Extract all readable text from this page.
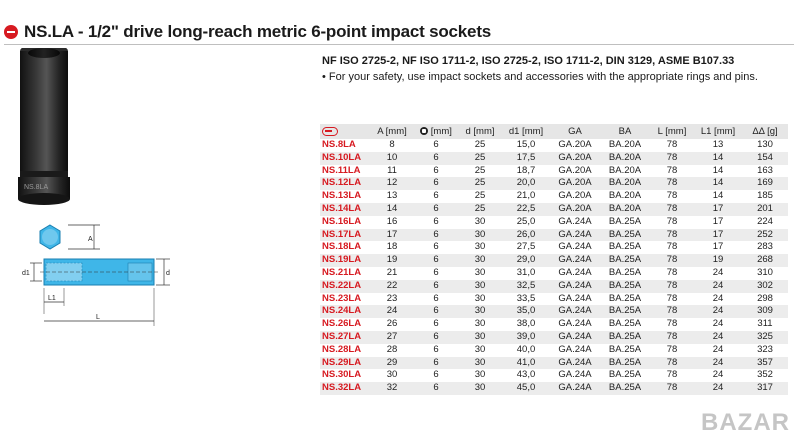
NS.LA - 1/2" drive long-reach metric 6-point impact sockets
NS.8LA
A
d1	d
L1
L

NF ISO 2725-2, NF ISO 1711-2, ISO 2725-2, ISO 1711-2, DIN 3129, ASME B107.33

• For your safety, use impact sockets and accessories with the appropriate rings and pins.

	A [mm]	[mm]	d [mm]	d1 [mm]	GA	BA	L [mm]	L1 [mm]	ΔΔ [g]
NS.8LA	8	6	25	15,0	GA.20A	BA.20A	78	13	130
NS.10LA	10	6	25	17,5	GA.20A	BA.20A	78	14	154
NS.11LA	11	6	25	18,7	GA.20A	BA.20A	78	14	163
NS.12LA	12	6	25	20,0	GA.20A	BA.20A	78	14	169
NS.13LA	13	6	25	21,0	GA.20A	BA.20A	78	14	185
NS.14LA	14	6	25	22,5	GA.20A	BA.20A	78	17	201
NS.16LA	16	6	30	25,0	GA.24A	BA.25A	78	17	224
NS.17LA	17	6	30	26,0	GA.24A	BA.25A	78	17	252
NS.18LA	18	6	30	27,5	GA.24A	BA.25A	78	17	283
NS.19LA	19	6	30	29,0	GA.24A	BA.25A	78	19	268
NS.21LA	21	6	30	31,0	GA.24A	BA.25A	78	24	310
NS.22LA	22	6	30	32,5	GA.24A	BA.25A	78	24	302
NS.23LA	23	6	30	33,5	GA.24A	BA.25A	78	24	298
NS.24LA	24	6	30	35,0	GA.24A	BA.25A	78	24	309
NS.26LA	26	6	30	38,0	GA.24A	BA.25A	78	24	311
NS.27LA	27	6	30	39,0	GA.24A	BA.25A	78	24	325
NS.28LA	28	6	30	40,0	GA.24A	BA.25A	78	24	323
NS.29LA	29	6	30	41,0	GA.24A	BA.25A	78	24	357
NS.30LA	30	6	30	43,0	GA.24A	BA.25A	78	24	352
NS.32LA	32	6	30	45,0	GA.24A	BA.25A	78	24	317
BAZAR
